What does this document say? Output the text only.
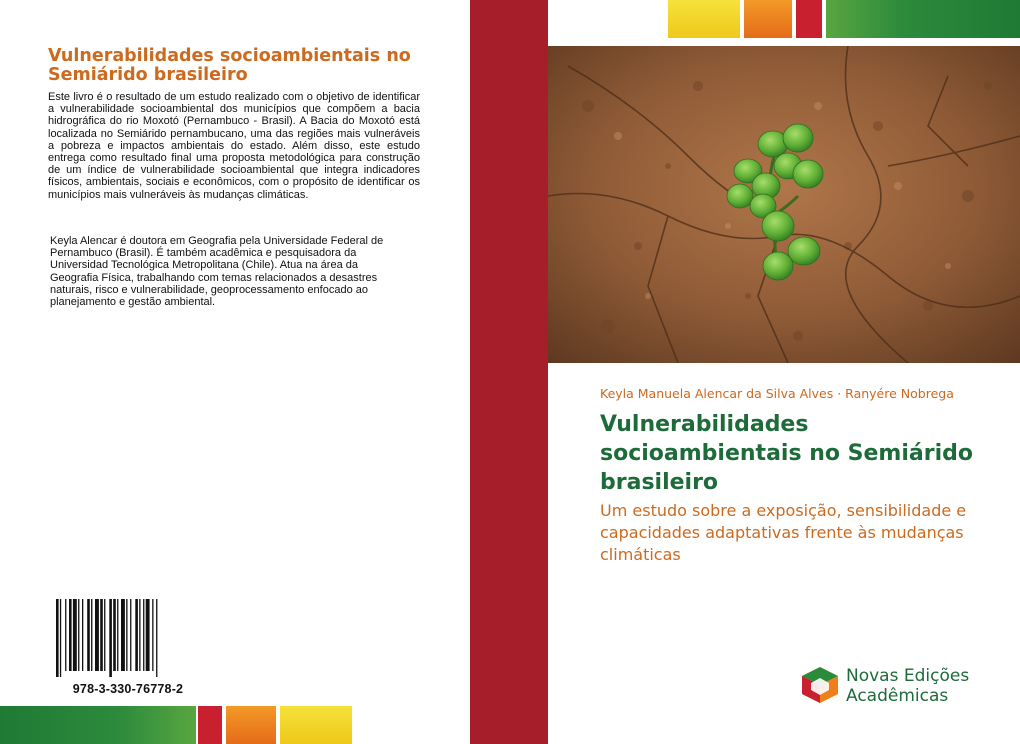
Vulnerabilidades socioambientais no Semiárido brasileiro
Este livro é o resultado de um estudo realizado com o objetivo de identificar a vulnerabilidade socioambiental dos municípios que compõem a bacia hidrográfica do rio Moxotó (Pernambuco - Brasil). A Bacia do Moxotó está localizada no Semiárido pernambucano, uma das regiões mais vulneráveis a pobreza e impactos ambientais do estado. Além disso, este estudo entrega como resultado final uma proposta metodológica para construção de um índice de vulnerabilidade socioambiental que integra indicadores físicos, ambientais, sociais e econômicos, com o propósito de identificar os municípios mais vulneráveis às mudanças climáticas.
Keyla Alencar é doutora em Geografia pela Universidade Federal de Pernambuco (Brasil). É também acadêmica e pesquisadora da Universidad Tecnológica Metropolitana (Chile). Atua na área da Geografia Física, trabalhando com temas relacionados a desastres naturais, risco e vulnerabilidade, geoprocessamento enfocado ao planejamento e gestão ambiental.
978-3-330-76778-2
Keyla Manuela Alencar da Silva Alves · Ranyére Nobrega
Vulnerabilidades socioambientais no Semiárido brasileiro
Um estudo sobre a exposição, sensibilidade e capacidades adaptativas frente às mudanças climáticas
Novas Edições
Acadêmicas
